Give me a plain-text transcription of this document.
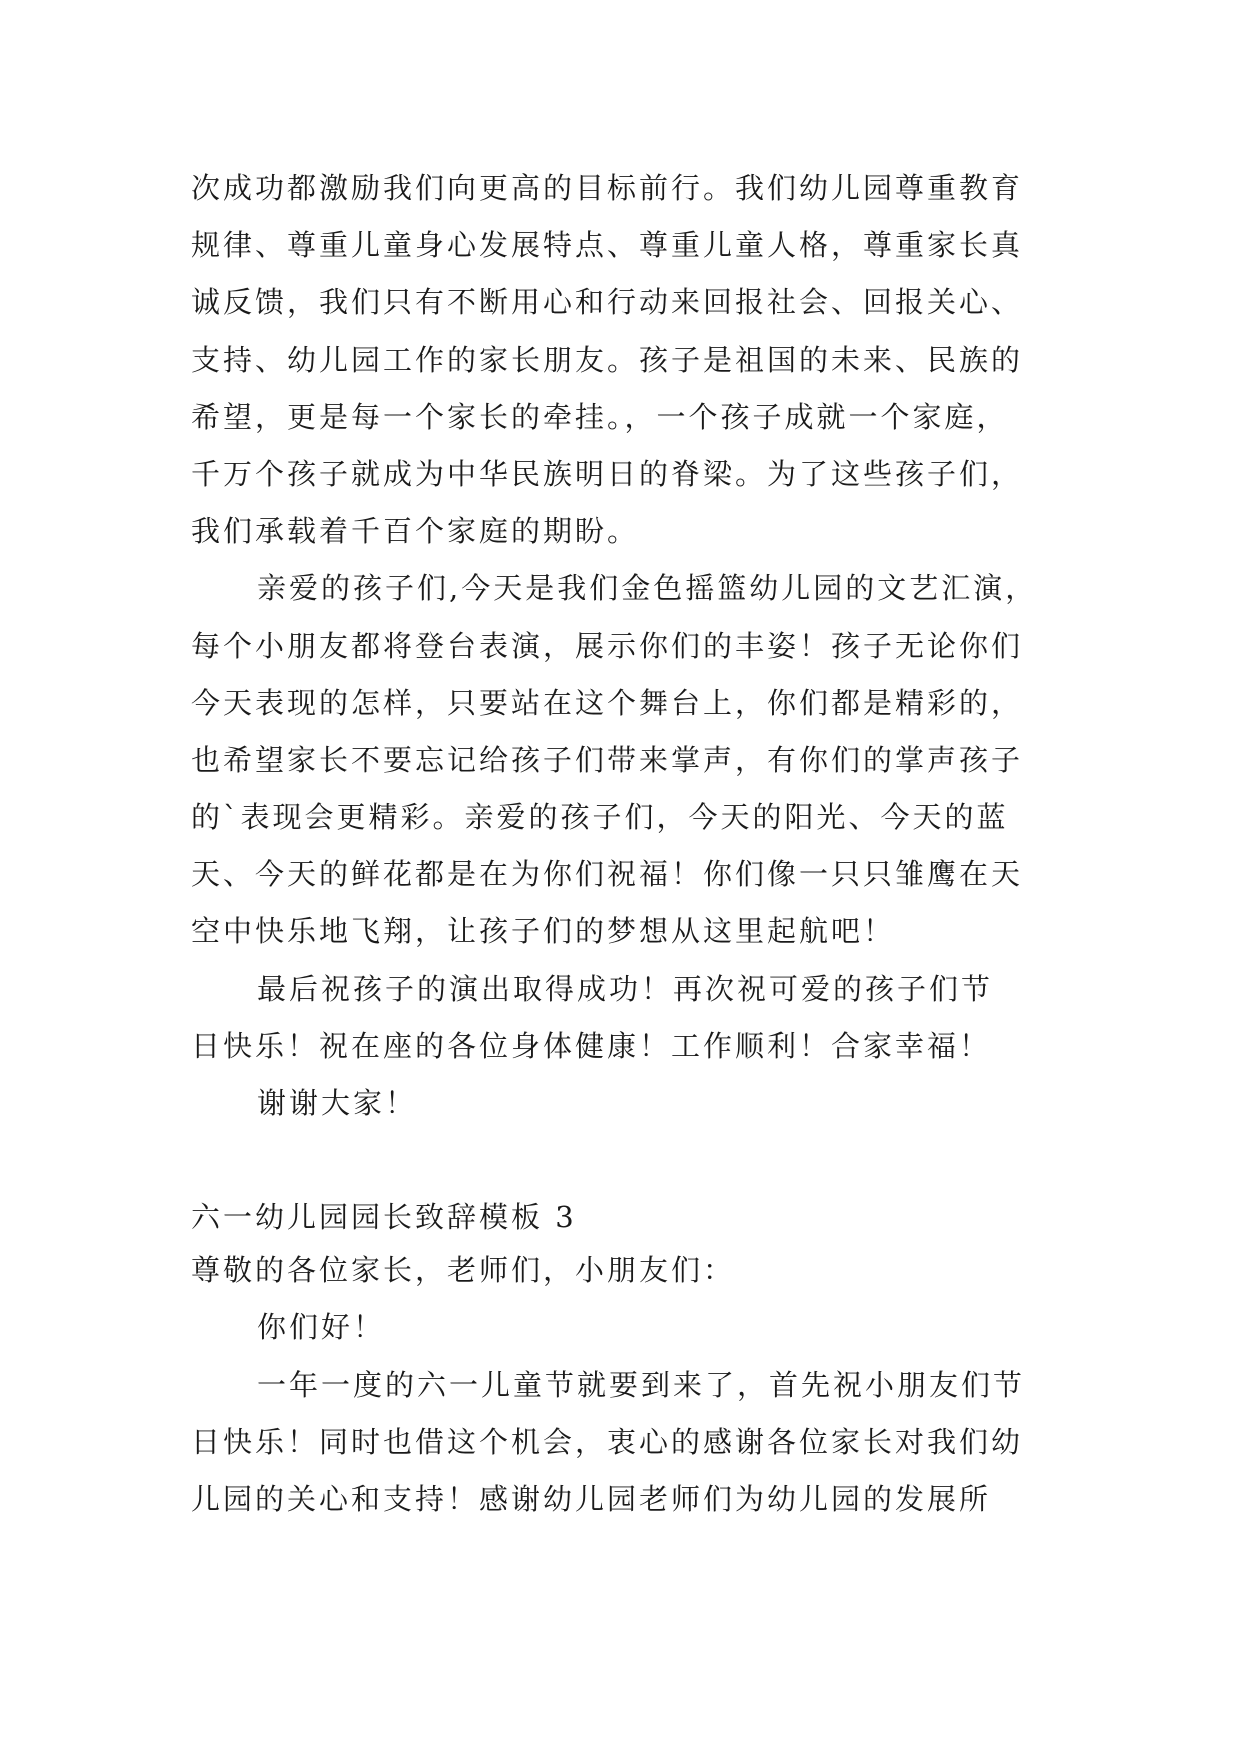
次成功都激励我们向更高的目标前行。我们幼儿园尊重教育
规律、尊重儿童身心发展特点、尊重儿童人格，尊重家长真
诚反馈，我们只有不断用心和行动来回报社会、回报关心、
支持、幼儿园工作的家长朋友。孩子是祖国的未来、民族的
希望，更是每一个家长的牵挂。，一个孩子成就一个家庭，
千万个孩子就成为中华民族明日的脊梁。为了这些孩子们，
我们承载着千百个家庭的期盼。
亲爱的孩子们,今天是我们金色摇篮幼儿园的文艺汇演，
每个小朋友都将登台表演，展示你们的丰姿！孩子无论你们
今天表现的怎样，只要站在这个舞台上，你们都是精彩的，
也希望家长不要忘记给孩子们带来掌声，有你们的掌声孩子
的`表现会更精彩。亲爱的孩子们，今天的阳光、今天的蓝
天、今天的鲜花都是在为你们祝福！你们像一只只雏鹰在天
空中快乐地飞翔，让孩子们的梦想从这里起航吧！
最后祝孩子的演出取得成功！再次祝可爱的孩子们节
日快乐！祝在座的各位身体健康！工作顺利！合家幸福！
谢谢大家！
六一幼儿园园长致辞模板 3
尊敬的各位家长，老师们，小朋友们：
你们好！
一年一度的六一儿童节就要到来了，首先祝小朋友们节
日快乐！同时也借这个机会，衷心的感谢各位家长对我们幼
儿园的关心和支持！感谢幼儿园老师们为幼儿园的发展所
